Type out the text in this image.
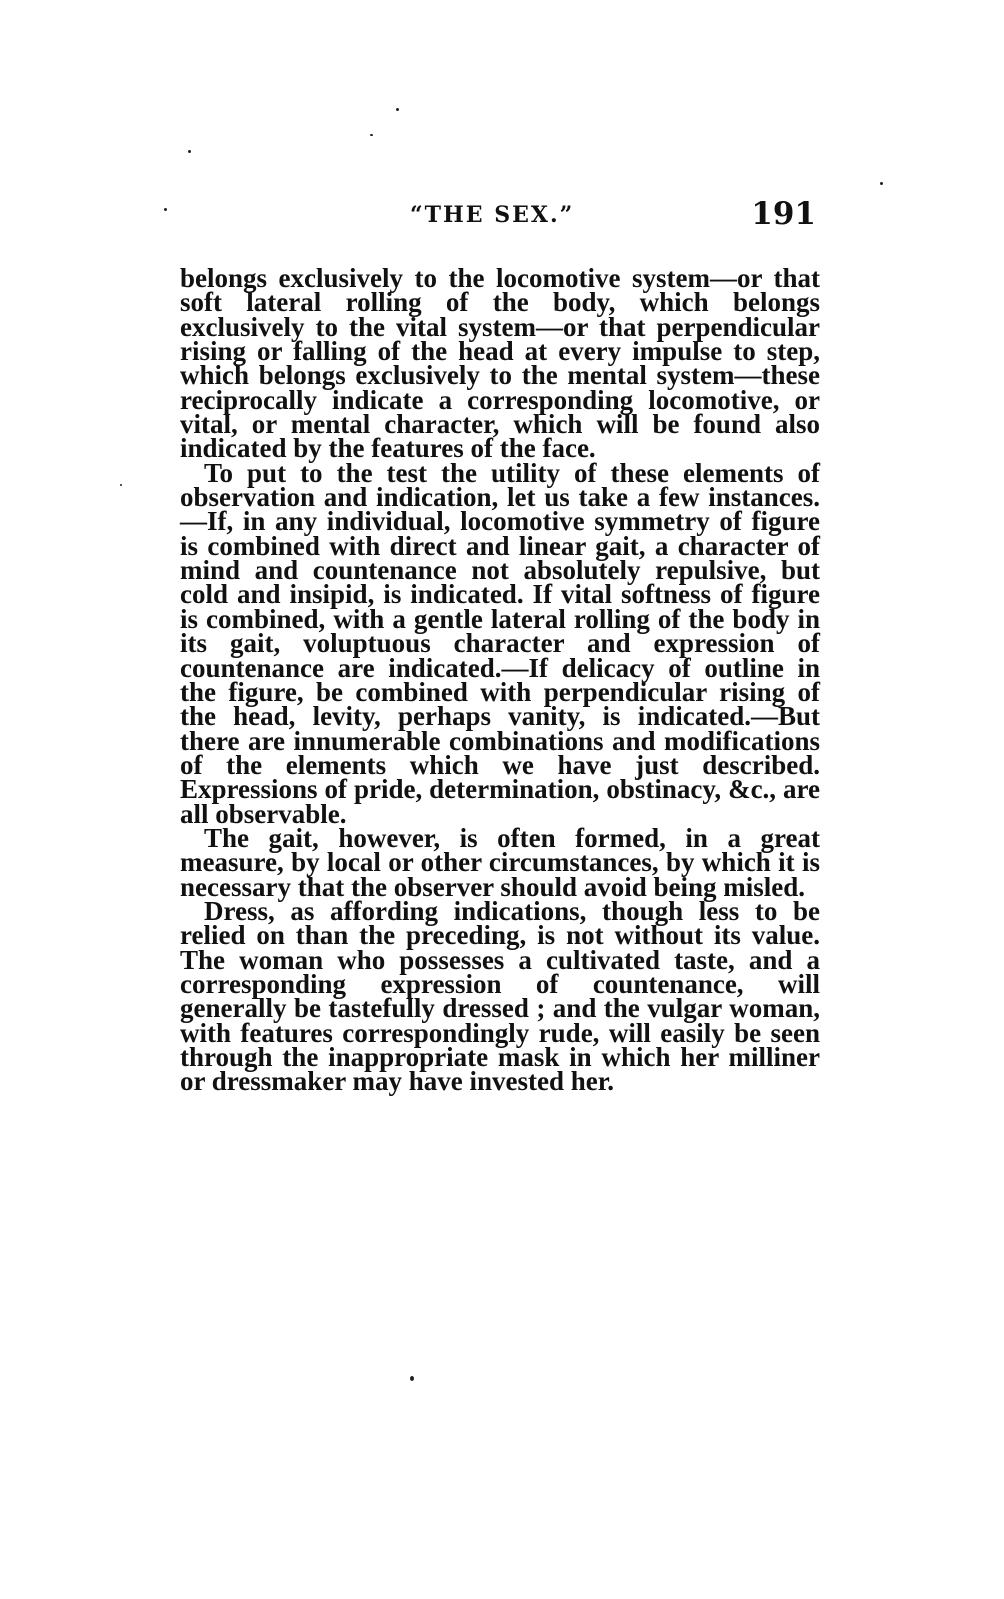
“THE SEX.”	191

belongs exclusively to the locomotive system—or that soft lateral rolling of the body, which belongs exclusively to the vital system—or that perpendicular rising or falling of the head at every impulse to step, which belongs exclusively to the mental system—these reciprocally indicate a corresponding locomotive, or vital, or mental character, which will be found also indicated by the features of the face.

To put to the test the utility of these elements of observation and indication, let us take a few instances.—If, in any individual, locomotive symmetry of figure is combined with direct and linear gait, a character of mind and countenance not absolutely repulsive, but cold and insipid, is indicated. If vital softness of figure is combined, with a gentle lateral rolling of the body in its gait, voluptuous character and expression of countenance are indicated.—If delicacy of outline in the figure, be combined with perpendicular rising of the head, levity, perhaps vanity, is indicated.—But there are innumerable combinations and modifications of the elements which we have just described. Expressions of pride, determination, obstinacy, &c., are all observable.

The gait, however, is often formed, in a great measure, by local or other circumstances, by which it is necessary that the observer should avoid being misled.

Dress, as affording indications, though less to be relied on than the preceding, is not without its value. The woman who possesses a cultivated taste, and a corresponding expression of countenance, will generally be tastefully dressed ; and the vulgar woman, with features correspondingly rude, will easily be seen through the inappropriate mask in which her milliner or dressmaker may have invested her.
